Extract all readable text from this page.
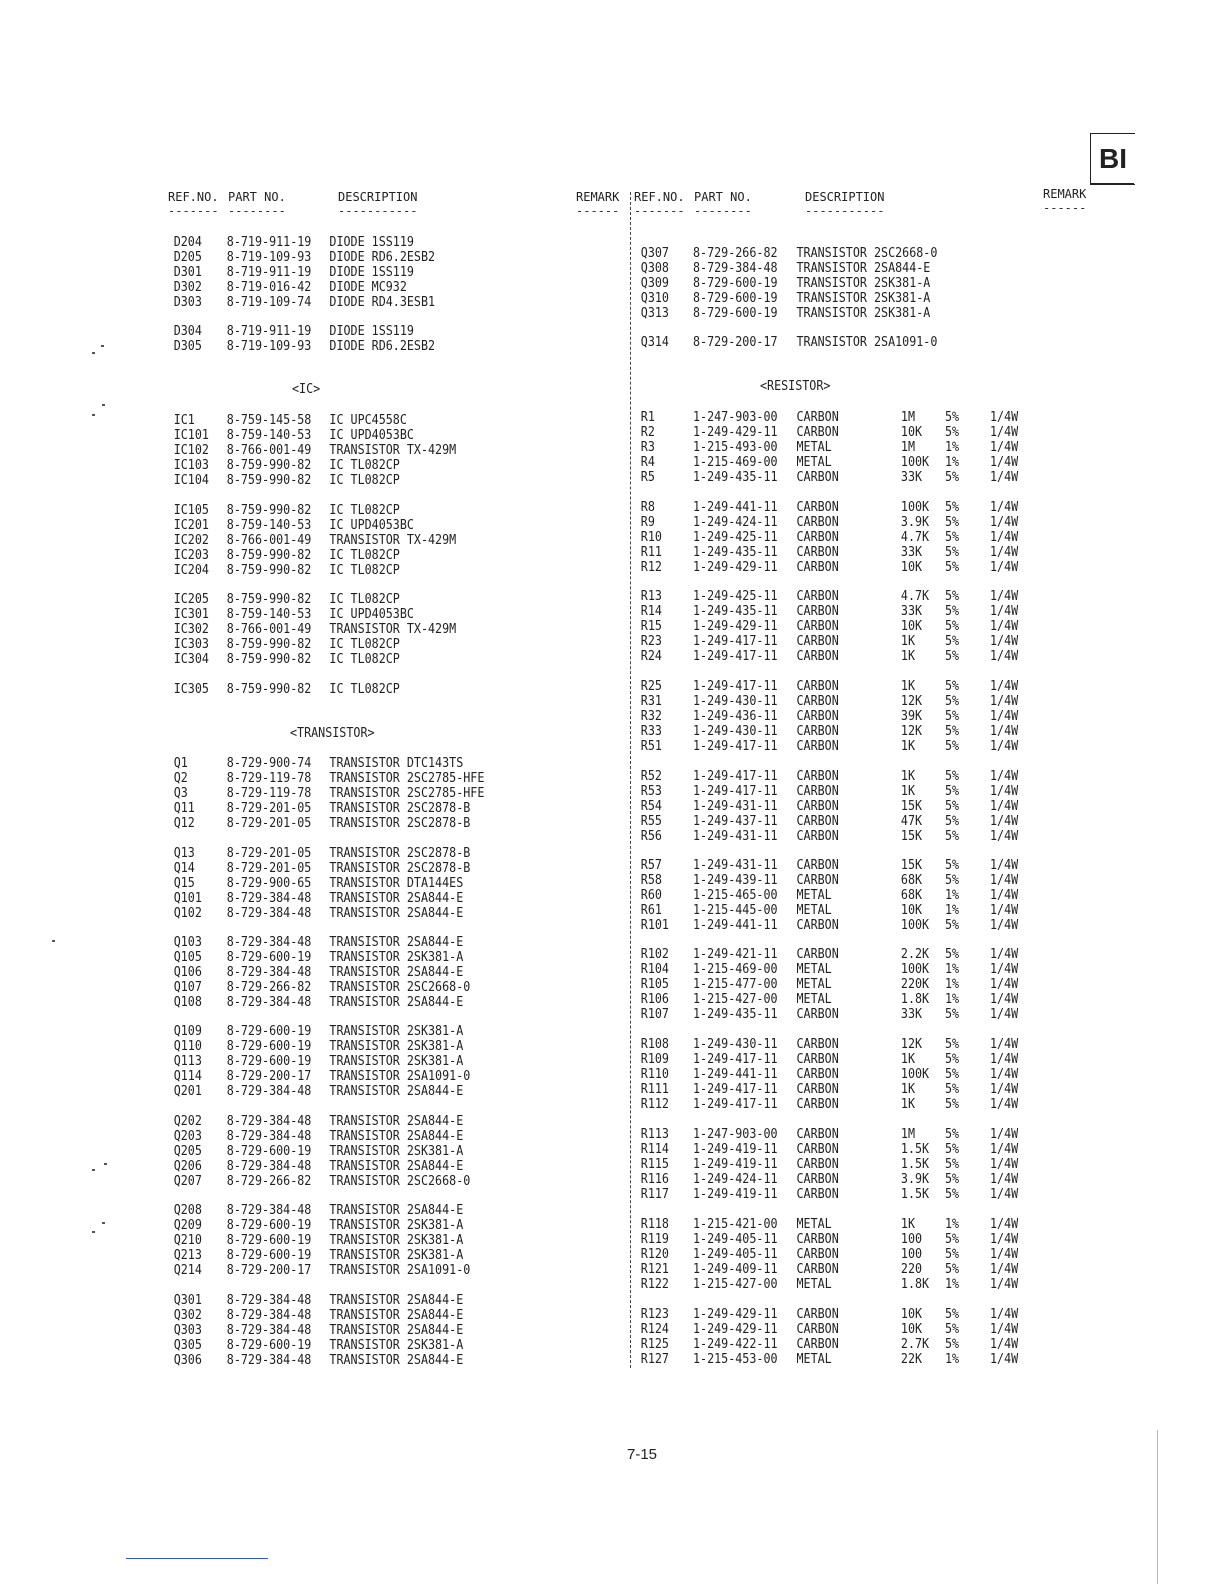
BI
REF.NO. PART NO.	DESCRIPTION	REMARK
------- --------	-----------	------
REF.NO. PART NO.	DESCRIPTION	REMARK
------- --------	-----------	------
<IC>
<TRANSISTOR>
<RESISTOR>
D204 8-719-911-19 DIODE 1SS119
D205 8-719-109-93 DIODE RD6.2ESB2
D301 8-719-911-19 DIODE 1SS119
D302 8-719-016-42 DIODE MC932
D303 8-719-109-74 DIODE RD4.3ESB1
D304 8-719-911-19 DIODE 1SS119
D305 8-719-109-93 DIODE RD6.2ESB2
IC1 8-759-145-58 IC UPC4558C
IC101 8-759-140-53 IC UPD4053BC
IC102 8-766-001-49 TRANSISTOR TX-429M
IC103 8-759-990-82 IC TL082CP
IC104 8-759-990-82 IC TL082CP
IC105 8-759-990-82 IC TL082CP
IC201 8-759-140-53 IC UPD4053BC
IC202 8-766-001-49 TRANSISTOR TX-429M
IC203 8-759-990-82 IC TL082CP
IC204 8-759-990-82 IC TL082CP
IC205 8-759-990-82 IC TL082CP
IC301 8-759-140-53 IC UPD4053BC
IC302 8-766-001-49 TRANSISTOR TX-429M
IC303 8-759-990-82 IC TL082CP
IC304 8-759-990-82 IC TL082CP
IC305 8-759-990-82 IC TL082CP
Q1	8-729-900-74 TRANSISTOR DTC143TS
Q2	8-729-119-78 TRANSISTOR 2SC2785-HFE
Q3	8-729-119-78 TRANSISTOR 2SC2785-HFE
Q11 8-729-201-05 TRANSISTOR 2SC2878-B
Q12 8-729-201-05 TRANSISTOR 2SC2878-B
Q13 8-729-201-05 TRANSISTOR 2SC2878-B
Q14 8-729-201-05 TRANSISTOR 2SC2878-B
Q15 8-729-900-65 TRANSISTOR DTA144ES
Q101 8-729-384-48 TRANSISTOR 2SA844-E
Q102 8-729-384-48 TRANSISTOR 2SA844-E
Q103 8-729-384-48 TRANSISTOR 2SA844-E
Q105 8-729-600-19 TRANSISTOR 2SK381-A
Q106 8-729-384-48 TRANSISTOR 2SA844-E
Q107 8-729-266-82 TRANSISTOR 2SC2668-0
Q108 8-729-384-48 TRANSISTOR 2SA844-E
Q109 8-729-600-19 TRANSISTOR 2SK381-A
Q110 8-729-600-19 TRANSISTOR 2SK381-A
Q113 8-729-600-19 TRANSISTOR 2SK381-A
Q114 8-729-200-17 TRANSISTOR 2SA1091-0
Q201 8-729-384-48 TRANSISTOR 2SA844-E
Q202 8-729-384-48 TRANSISTOR 2SA844-E
Q203 8-729-384-48 TRANSISTOR 2SA844-E
Q205 8-729-600-19 TRANSISTOR 2SK381-A
Q206 8-729-384-48 TRANSISTOR 2SA844-E
Q207 8-729-266-82 TRANSISTOR 2SC2668-0
Q208 8-729-384-48 TRANSISTOR 2SA844-E
Q209 8-729-600-19 TRANSISTOR 2SK381-A
Q210 8-729-600-19 TRANSISTOR 2SK381-A
Q213 8-729-600-19 TRANSISTOR 2SK381-A
Q214 8-729-200-17 TRANSISTOR 2SA1091-0
Q301 8-729-384-48 TRANSISTOR 2SA844-E
Q302 8-729-384-48 TRANSISTOR 2SA844-E
Q303 8-729-384-48 TRANSISTOR 2SA844-E
Q305 8-729-600-19 TRANSISTOR 2SK381-A
Q306 8-729-384-48 TRANSISTOR 2SA844-E
Q307 8-729-266-82 TRANSISTOR 2SC2668-0
Q308 8-729-384-48 TRANSISTOR 2SA844-E
Q309 8-729-600-19 TRANSISTOR 2SK381-A
Q310 8-729-600-19 TRANSISTOR 2SK381-A
Q313 8-729-600-19 TRANSISTOR 2SK381-A
Q314 8-729-200-17 TRANSISTOR 2SA1091-0
R1	1-247-903-00 CARBON	1M 5% 1/4W
R2	1-249-429-11 CARBON	10K 5% 1/4W
R3	1-215-493-00 METAL	1M 1% 1/4W
R4	1-215-469-00 METAL	100K 1% 1/4W
R5	1-249-435-11 CARBON	33K 5% 1/4W
R8	1-249-441-11 CARBON	100K 5% 1/4W
R9	1-249-424-11 CARBON	3.9K 5% 1/4W
R10 1-249-425-11 CARBON	4.7K 5% 1/4W
R11 1-249-435-11 CARBON	33K 5% 1/4W
R12 1-249-429-11 CARBON	10K 5% 1/4W
R13 1-249-425-11 CARBON	4.7K 5% 1/4W
R14 1-249-435-11 CARBON	33K 5% 1/4W
R15 1-249-429-11 CARBON	10K 5% 1/4W
R23 1-249-417-11 CARBON	1K 5% 1/4W
R24 1-249-417-11 CARBON	1K 5% 1/4W
R25 1-249-417-11 CARBON	1K 5% 1/4W
R31 1-249-430-11 CARBON	12K 5% 1/4W
R32 1-249-436-11 CARBON	39K 5% 1/4W
R33 1-249-430-11 CARBON	12K 5% 1/4W
R51 1-249-417-11 CARBON	1K 5% 1/4W
R52 1-249-417-11 CARBON	1K 5% 1/4W
R53 1-249-417-11 CARBON	1K 5% 1/4W
R54 1-249-431-11 CARBON	15K 5% 1/4W
R55 1-249-437-11 CARBON	47K 5% 1/4W
R56 1-249-431-11 CARBON	15K 5% 1/4W
R57 1-249-431-11 CARBON	15K 5% 1/4W
R58 1-249-439-11 CARBON	68K 5% 1/4W
R60 1-215-465-00 METAL	68K 1% 1/4W
R61 1-215-445-00 METAL	10K 1% 1/4W
R101 1-249-441-11 CARBON	100K 5% 1/4W
R102 1-249-421-11 CARBON	2.2K 5% 1/4W
R104 1-215-469-00 METAL	100K 1% 1/4W
R105 1-215-477-00 METAL	220K 1% 1/4W
R106 1-215-427-00 METAL	1.8K 1% 1/4W
R107 1-249-435-11 CARBON	33K 5% 1/4W
R108 1-249-430-11 CARBON	12K 5% 1/4W
R109 1-249-417-11 CARBON	1K 5% 1/4W
R110 1-249-441-11 CARBON	100K 5% 1/4W
R111 1-249-417-11 CARBON	1K 5% 1/4W
R112 1-249-417-11 CARBON	1K 5% 1/4W
R113 1-247-903-00 CARBON	1M 5% 1/4W
R114 1-249-419-11 CARBON	1.5K 5% 1/4W
R115 1-249-419-11 CARBON	1.5K 5% 1/4W
R116 1-249-424-11 CARBON	3.9K 5% 1/4W
R117 1-249-419-11 CARBON	1.5K 5% 1/4W
R118 1-215-421-00 METAL	1K 1% 1/4W
R119 1-249-405-11 CARBON	100 5% 1/4W
R120 1-249-405-11 CARBON	100 5% 1/4W
R121 1-249-409-11 CARBON	220 5% 1/4W
R122 1-215-427-00 METAL	1.8K 1% 1/4W
R123 1-249-429-11 CARBON	10K 5% 1/4W
R124 1-249-429-11 CARBON	10K 5% 1/4W
R125 1-249-422-11 CARBON	2.7K 5% 1/4W
R127 1-215-453-00 METAL	22K 1% 1/4W
7-15
